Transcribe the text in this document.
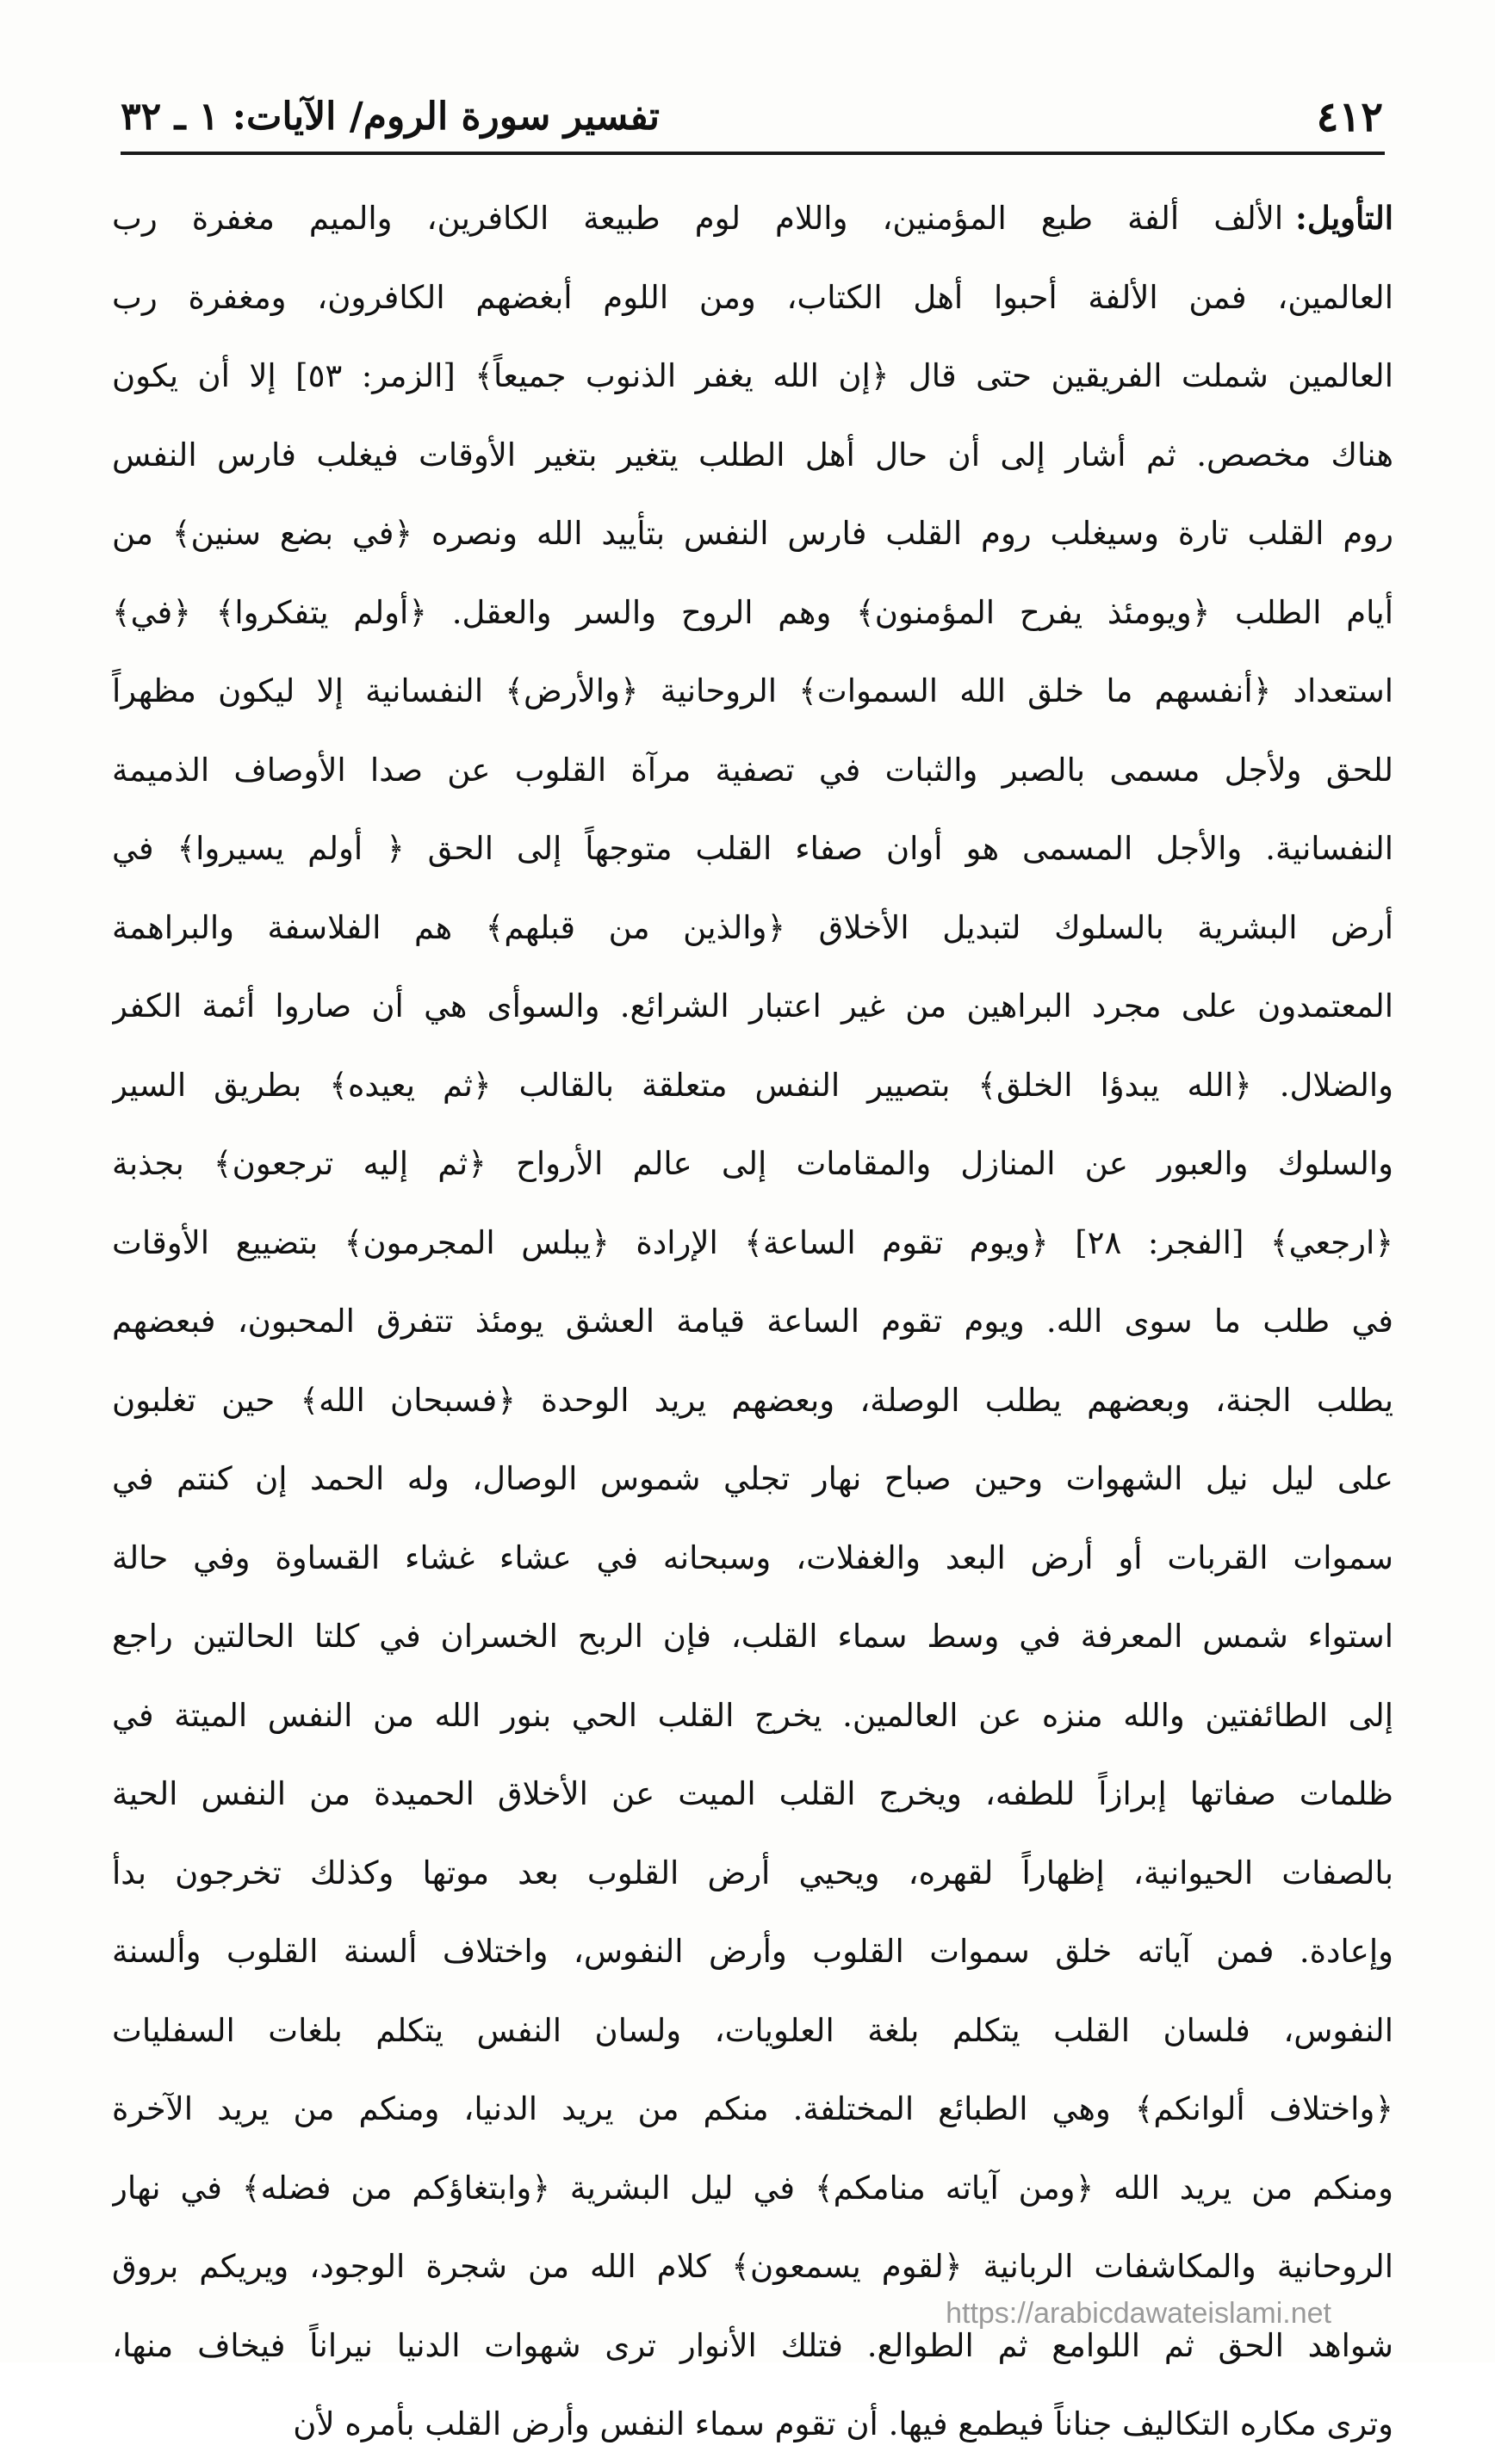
٤١٢
تفسير سورة الروم/ الآيات: ١ ـ ٣٢
التأويل:الألف ألفة طبع المؤمنين، واللام لوم طبيعة الكافرين، والميم مغفرة رب
العالمين، فمن الألفة أحبوا أهل الكتاب، ومن اللوم أبغضهم الكافرون، ومغفرة رب
العالمين شملت الفريقين حتى قال ﴿إن الله يغفر الذنوب جميعاً﴾ [الزمر: ٥٣] إلا أن يكون
هناك مخصص. ثم أشار إلى أن حال أهل الطلب يتغير بتغير الأوقات فيغلب فارس النفس
روم القلب تارة وسيغلب روم القلب فارس النفس بتأييد الله ونصره ﴿في بضع سنين﴾ من
أيام الطلب ﴿ويومئذ يفرح المؤمنون﴾ وهم الروح والسر والعقل. ﴿أولم يتفكروا﴾ ﴿في﴾
استعداد ﴿أنفسهم ما خلق الله السموات﴾ الروحانية ﴿والأرض﴾ النفسانية إلا ليكون مظهراً
للحق ولأجل مسمى بالصبر والثبات في تصفية مرآة القلوب عن صدا الأوصاف الذميمة
النفسانية. والأجل المسمى هو أوان صفاء القلب متوجهاً إلى الحق ﴿ أولم يسيروا﴾ في
أرض البشرية بالسلوك لتبديل الأخلاق ﴿والذين من قبلهم﴾ هم الفلاسفة والبراهمة
المعتمدون على مجرد البراهين من غير اعتبار الشرائع. والسوأى هي أن صاروا أئمة الكفر
والضلال. ﴿الله يبدؤا الخلق﴾ بتصيير النفس متعلقة بالقالب ﴿ثم يعيده﴾ بطريق السير
والسلوك والعبور عن المنازل والمقامات إلى عالم الأرواح ﴿ثم إليه ترجعون﴾ بجذبة
﴿ارجعي﴾ [الفجر: ٢٨] ﴿ويوم تقوم الساعة﴾ الإرادة ﴿يبلس المجرمون﴾ بتضييع الأوقات
في طلب ما سوى الله. ويوم تقوم الساعة قيامة العشق يومئذ تتفرق المحبون، فبعضهم
يطلب الجنة، وبعضهم يطلب الوصلة، وبعضهم يريد الوحدة ﴿فسبحان الله﴾ حين تغلبون
على ليل نيل الشهوات وحين صباح نهار تجلي شموس الوصال، وله الحمد إن كنتم في
سموات القربات أو أرض البعد والغفلات، وسبحانه في عشاء غشاء القساوة وفي حالة
استواء شمس المعرفة في وسط سماء القلب، فإن الربح الخسران في كلتا الحالتين راجع
إلى الطائفتين والله منزه عن العالمين. يخرج القلب الحي بنور الله من النفس الميتة في
ظلمات صفاتها إبرازاً للطفه، ويخرج القلب الميت عن الأخلاق الحميدة من النفس الحية
بالصفات الحيوانية، إظهاراً لقهره، ويحيي أرض القلوب بعد موتها وكذلك تخرجون بدأ
وإعادة. فمن آياته خلق سموات القلوب وأرض النفوس، واختلاف ألسنة القلوب وألسنة
النفوس، فلسان القلب يتكلم بلغة العلويات، ولسان النفس يتكلم بلغات السفليات
﴿واختلاف ألوانكم﴾ وهي الطبائع المختلفة. منكم من يريد الدنيا، ومنكم من يريد الآخرة
ومنكم من يريد الله ﴿ومن آياته منامكم﴾ في ليل البشرية ﴿وابتغاؤكم من فضله﴾ في نهار
الروحانية والمكاشفات الربانية ﴿لقوم يسمعون﴾ كلام الله من شجرة الوجود، ويريكم بروق
شواهد الحق ثم اللوامع ثم الطوالع. فتلك الأنوار ترى شهوات الدنيا نيراناً فيخاف منها،
وترى مكاره التكاليف جناناً فيطمع فيها. أن تقوم سماء النفس وأرض القلب بأمره لأن
https://arabicdawateislami.net
